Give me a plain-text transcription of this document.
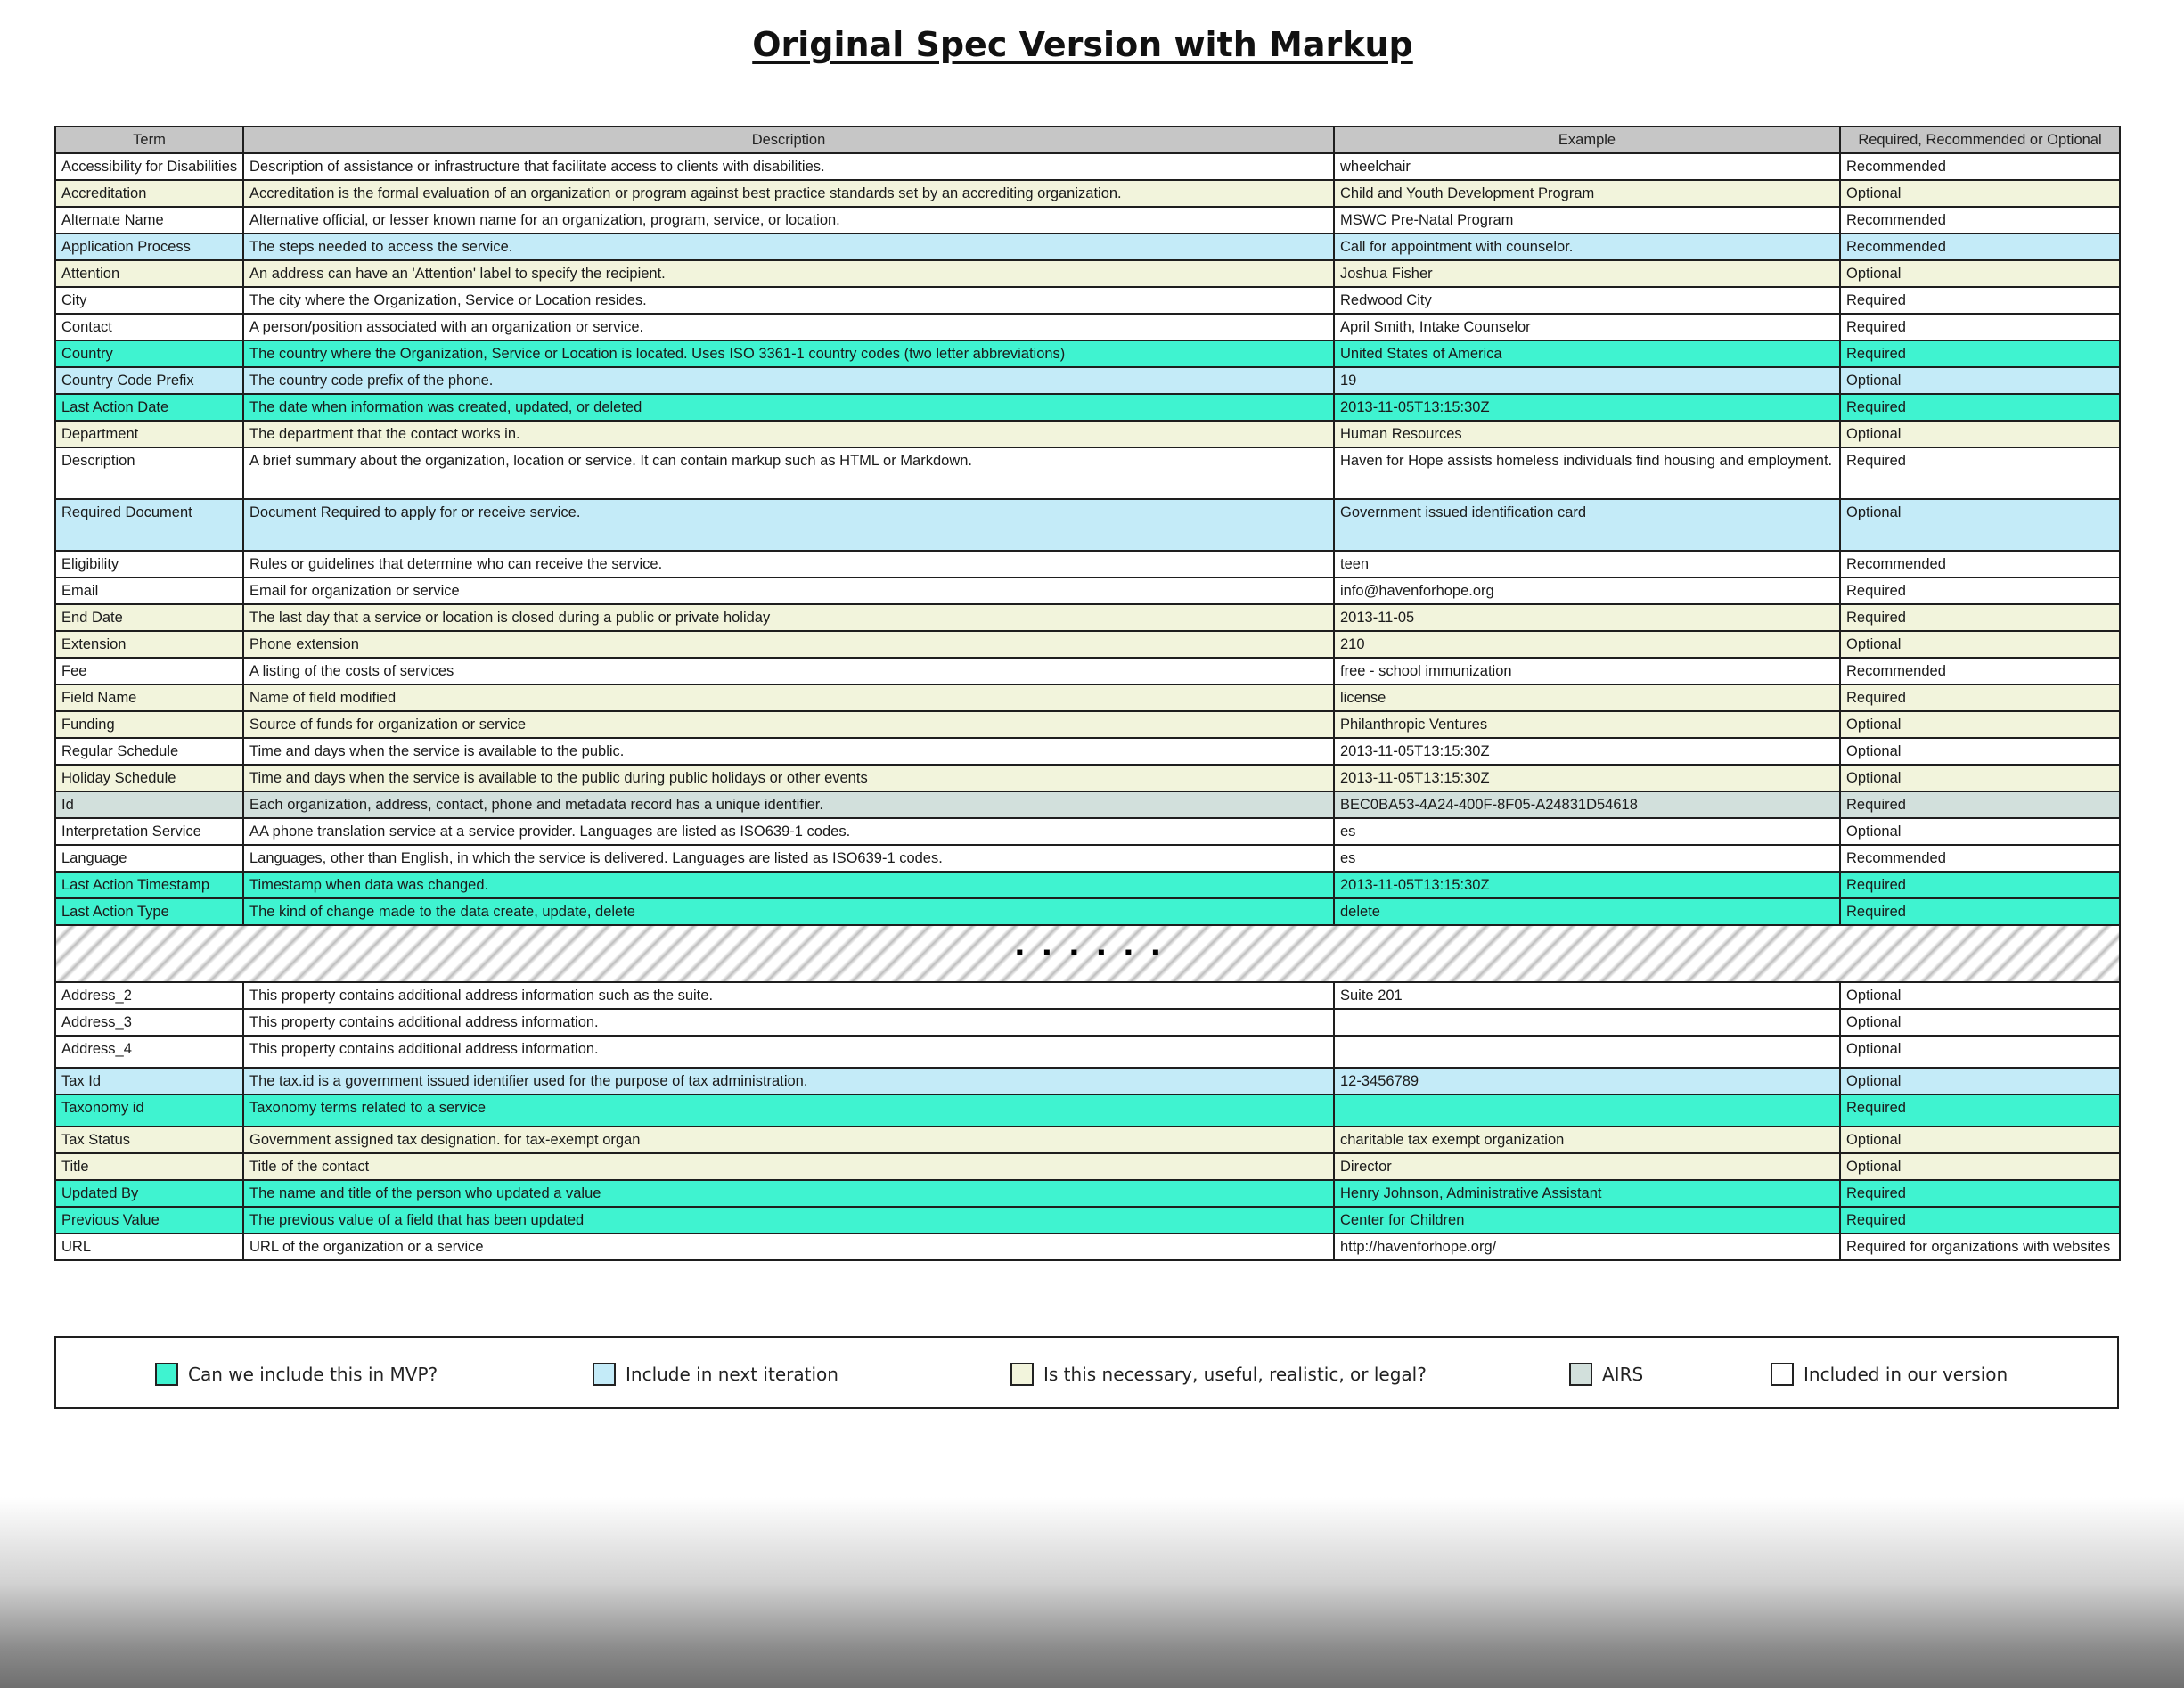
Original Spec Version with Markup
Term	Description	Example	Required, Recommended or Optional
Accessibility for Disabilities	Description of assistance or infrastructure that facilitate access to clients with disabilities.	wheelchair	Recommended
Accreditation	Accreditation is the formal evaluation of an organization or program against best practice standards set by an accrediting organization.	Child and Youth Development Program	Optional
Alternate Name	Alternative official, or lesser known name for an organization, program, service, or location.	MSWC Pre-Natal Program	Recommended
Application Process	The steps needed to access the service.	Call for appointment with counselor.	Recommended
Attention	An address can have an 'Attention' label to specify the recipient.	Joshua Fisher	Optional
City	The city where the Organization, Service or Location resides.	Redwood City	Required
Contact	A person/position associated with an organization or service.	April Smith, Intake Counselor	Required
Country	The country where the Organization, Service or Location is located. Uses ISO 3361-1 country codes (two letter abbreviations)	United States of America	Required
Country Code Prefix	The country code prefix of the phone.	19	Optional
Last Action Date	The date when information was created, updated, or deleted	2013-11-05T13:15:30Z	Required
Department	The department that the contact works in.	Human Resources	Optional
Description	A brief summary about the organization, location or service. It can contain markup such as HTML or Markdown.	Haven for Hope assists homeless individuals find housing and employment.	Required
Required Document	Document Required to apply for or receive service.	Government issued identification card	Optional
Eligibility	Rules or guidelines that determine who can receive the service.	teen	Recommended
Email	Email for organization or service	info@havenforhope.org	Required
End Date	The last day that a service or location is closed during a public or private holiday	2013-11-05	Required
Extension	Phone extension	210	Optional
Fee	A listing of the costs of services	free - school immunization	Recommended
Field Name	Name of field modified	license	Required
Funding	Source of funds for organization or service	Philanthropic Ventures	Optional
Regular Schedule	Time and days when the service is available to the public.	2013-11-05T13:15:30Z	Optional
Holiday Schedule	Time and days when the service is available to the public during public holidays or other events	2013-11-05T13:15:30Z	Optional
Id	Each organization, address, contact, phone and metadata record has a unique identifier.	BEC0BA53-4A24-400F-8F05-A24831D54618	Required
Interpretation Service	AA phone translation service at a service provider. Languages are listed as ISO639-1 codes.	es	Optional
Language	Languages, other than English, in which the service is delivered. Languages are listed as ISO639-1 codes.	es	Recommended
Last Action Timestamp	Timestamp when data was changed.	2013-11-05T13:15:30Z	Required
Last Action Type	The kind of change made to the data create, update, delete	delete	Required
▪▪▪▪▪▪			
Address_2	This property contains additional address information such as the suite.	Suite 201	Optional
Address_3	This property contains additional address information.		Optional
Address_4	This property contains additional address information.		Optional
Tax Id	The tax.id is a government issued identifier used for the purpose of tax administration.	12-3456789	Optional
Taxonomy id	Taxonomy terms related to a service		Required
Tax Status	Government assigned tax designation. for tax-exempt organ	charitable tax exempt organization	Optional
Title	Title of the contact	Director	Optional
Updated By	The name and title of the person who updated a value	Henry Johnson, Administrative Assistant	Required
Previous Value	The previous value of a field that has been updated	Center for Children	Required
URL	URL of the organization or a service	http://havenforhope.org/	Required for organizations with websites
Can we include this in MVP?	Include in next iteration	Is this necessary, useful, realistic, or legal?	AIRS	Included in our version
